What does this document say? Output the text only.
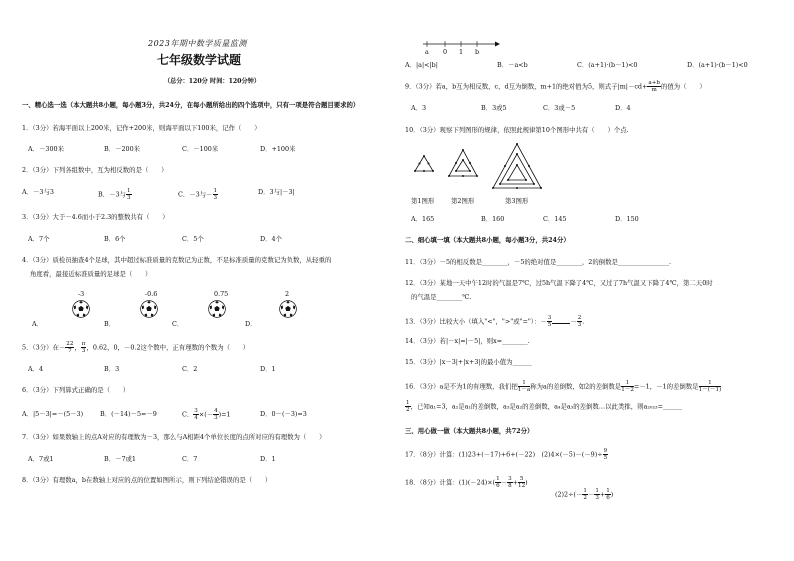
2023年期中数学质量监测
七年级数学试题
（总分：120分 时间：120分钟）
一、精心选一选（本大题共8小题，每小题3分，共24分，在每小题所给出的四个选项中，只有一项是符合题目要求的）
1．（3分）若海平面以上200米，记作+200米，则海平面以下100米，记作（　　）
A．－300米	B．－200米	C．－100米	D．+100米
2．（3分）下列各组数中，互为相反数的是（　　）
A．－3与3	B．－3与 $\frac{1}{3}$	C．－3与－ $\frac{1}{3}$	D．3与|－3|
3．（3分）大于－4.6而小于2.3的整数共有（　　）
A．7个	B．6个	C．5个	D．4个
4．（3分）质检员抽查4个足球，其中超过标准质量的克数记为正数，不足标准质量的克数记为负数，从轻重的
角度看，最接近标准质量的足球是（　　）
-3	-0.6	0.75	2
A．	B．	C．	D．
5．（3分）在－ $\frac{22}{7}$ ， $\frac{\pi}{3}$ ，0.62，0，－0.2这个数中，正有理数的个数为（　　）
A．4	B．3	C．2	D．1
6．（3分）下列算式正确的是（　　）
A．|5－3|=－(5－3)	B．(－14)－5=－9	C． $\frac{3}{4}$ ×(－ $\frac{4}{3} )=1$	D．0－(－3)=3
7．（3分）如果数轴上的点A对应的有理数为－3，那么与A相距4个单位长度的点所对应的有理数为（　　）
A．7或1	B．－7或1	C．7	D．1
8．（3分）有理数a，b在数轴上对应的点的位置如图所示，则下列结论错误的是（　　）
a 0 1 b
A．|a|<|b|	B．－a<b	C．(a+1)·(b－1)<0	D．(a+1)·(b－1)<0
9．（3分）若a，b互为相反数，c，d互为倒数，m+1的绝对值为5，则式子$|m|-cd+ \frac{a+b}{m}$ 的值为（　　）
A．3	B．3或5	C．3或－5	D．4
10．（3分）观察下列图形的规律，依照此规律第10个图形中共有（　　）个点.
第1图形	第2图形	第3图形
A．165	B．160	C．145	D．150
二、细心填一填（本大题共8小题，每小题3分，共24分）
11．（3分）－5的相反数是________，－5的绝对值是________，2的倒数是________________.
12．（3分）某地一天中午12时的气温是7℃，过5h气温下降了4℃，又过了7h气温又下降了4℃，第二天0时
的气温是________℃.
13．（3分）比较大小（填入"<"，">"或"="）：－ $\frac{3}{5}$	－ $\frac{2}{3}$ .
14．（3分）若|－x|=|－5|，则x=________.
15．（3分）|x－3|+|x+3|的最小值为______
16．（3分）a是不为1的有理数，我们把 $\frac{1}{1-a}$ 称为a的差倒数，如2的差倒数是 $\frac{1}{1-2} =-1$，－1的差倒数是 $\frac{1}{1-(-1)}$
$\frac{1}{2}$ ，已知a₁=3，a₂是a₁的差倒数，a₃是a₂的差倒数，a₄是a₃的差倒数…以此类推，则a₂₀₂₃=______
三、用心做一做（本大题共8小题，共72分）
17．（8分）计算：(1)23+(－17)+6+(－22)　$(2)4\times(-5)-(-9)\div \frac{9}{5}$
18．（8分）计算：$(1)(-24)\times( \frac{1}{6} - \frac{3}{8} + \frac{5}{12}$ )
$(2)2\div(- \frac{1}{2} - \frac{1}{3} + \frac{1}{6}$ )
